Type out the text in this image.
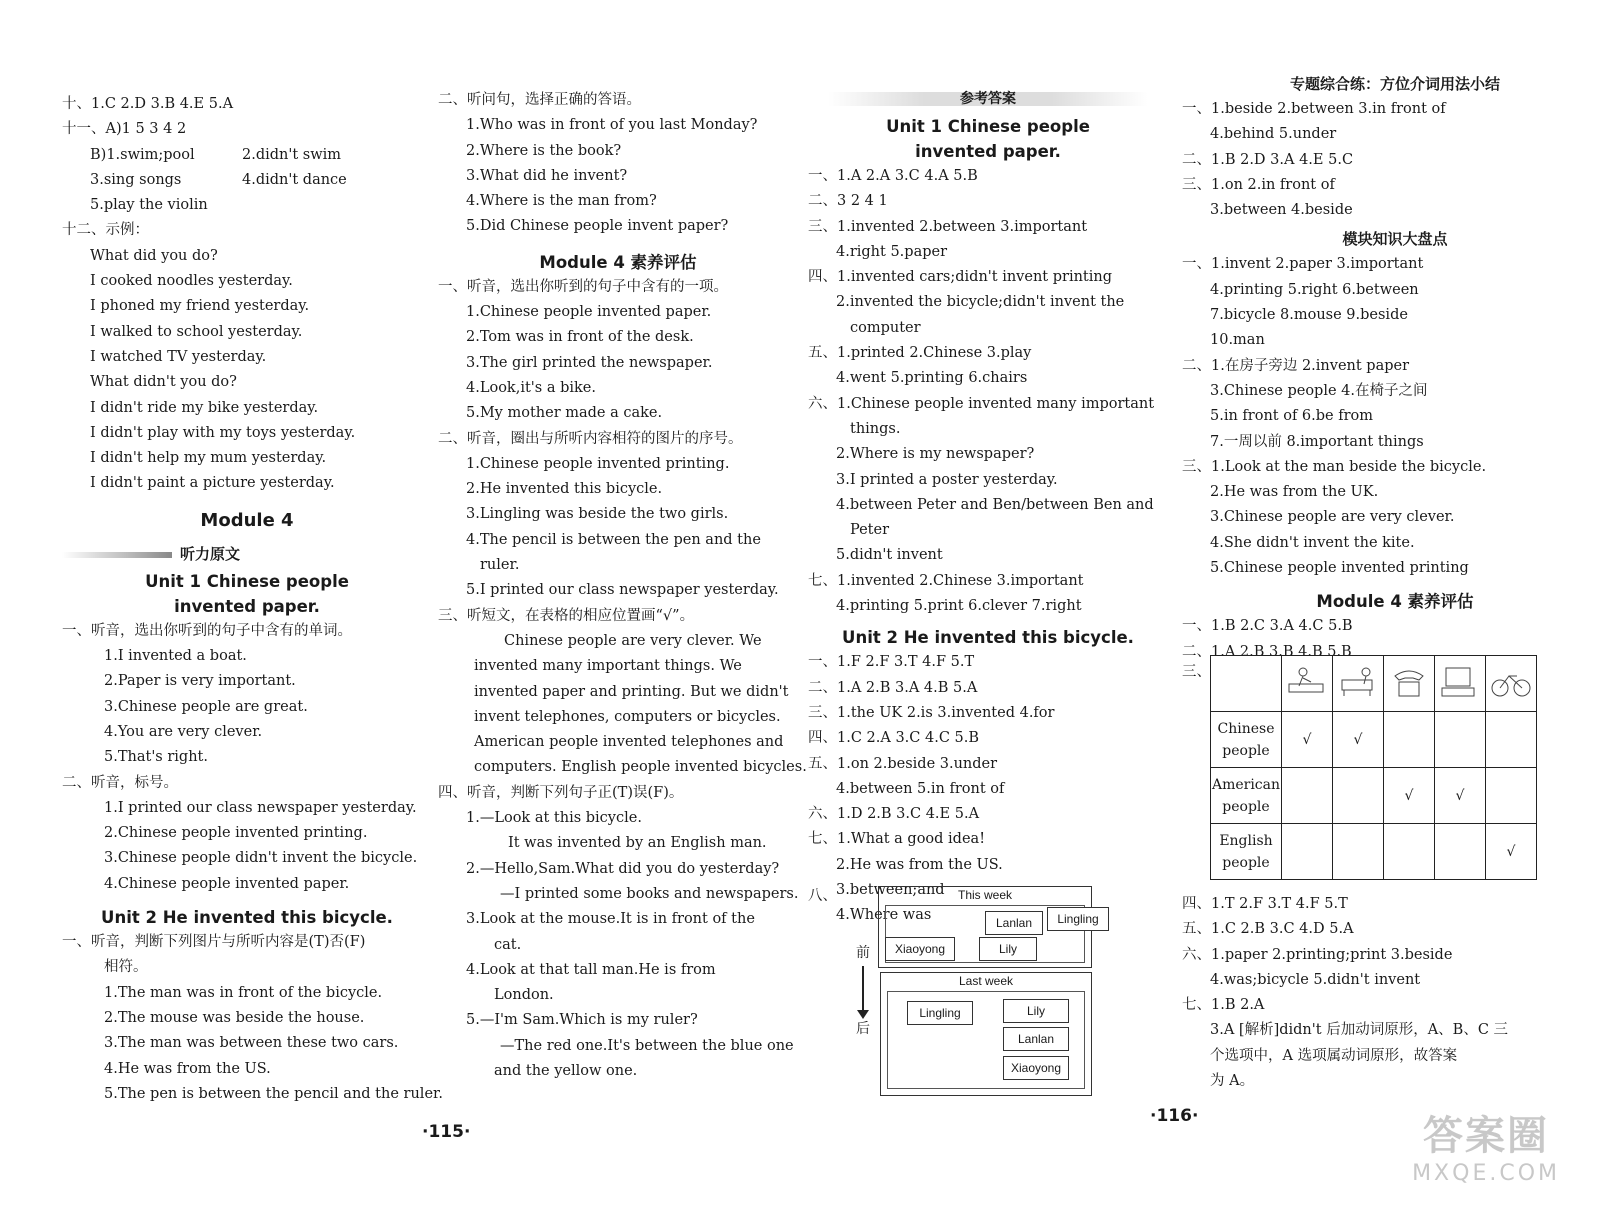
十、1.C 2.D 3.B 4.E 5.A
十一、A)1 5 3 4 2
B)1.swim;pool	2.didn't swim
3.sing songs	4.didn't dance
5.play the violin
十二、示例：
What did you do?
I cooked noodles yesterday.
I phoned my friend yesterday.
I walked to school yesterday.
I watched TV yesterday.
What didn't you do?
I didn't ride my bike yesterday.
I didn't play with my toys yesterday.
I didn't help my mum yesterday.
I didn't paint a picture yesterday.
Module 4
听力原文
Unit 1 Chinese people
invented paper.
一、听音，选出你听到的句子中含有的单词。
1.I invented a boat.
2.Paper is very important.
3.Chinese people are great.
4.You are very clever.
5.That's right.
二、听音，标号。
1.I printed our class newspaper yesterday.
2.Chinese people invented printing.
3.Chinese people didn't invent the bicycle.
4.Chinese people invented paper.
Unit 2 He invented this bicycle.
一、听音，判断下列图片与所听内容是(T)否(F)
相符。
1.The man was in front of the bicycle.
2.The mouse was beside the house.
3.The man was between these two cars.
4.He was from the US.
5.The pen is between the pencil and the ruler.
二、听问句，选择正确的答语。
1.Who was in front of you last Monday?
2.Where is the book?
3.What did he invent?
4.Where is the man from?
5.Did Chinese people invent paper?
Module 4 素养评估
一、听音，选出你听到的句子中含有的一项。
1.Chinese people invented paper.
2.Tom was in front of the desk.
3.The girl printed the newspaper.
4.Look,it's a bike.
5.My mother made a cake.
二、听音，圈出与所听内容相符的图片的序号。
1.Chinese people invented printing.
2.He invented this bicycle.
3.Lingling was beside the two girls.
4.The pencil is between the pen and the
ruler.
5.I printed our class newspaper yesterday.
三、听短文，在表格的相应位置画“√”。
Chinese people are very clever. We
invented many important things. We
invented paper and printing. But we didn't
invent telephones, computers or bicycles.
American people invented telephones and
computers. English people invented bicycles.
四、听音，判断下列句子正(T)误(F)。
1.—Look at this bicycle.
It was invented by an English man.
2.—Hello,Sam.What did you do yesterday?
—I printed some books and newspapers.
3.Look at the mouse.It is in front of the
cat.
4.Look at that tall man.He is from
London.
5.—I'm Sam.Which is my ruler?
—The red one.It's between the blue one
and the yellow one.
·115·
参考答案
Unit 1 Chinese people
invented paper.
一、1.A 2.A 3.C 4.A 5.B
二、3 2 4 1
三、1.invented 2.between 3.important
4.right 5.paper
四、1.invented cars;didn't invent printing
2.invented the bicycle;didn't invent the
computer
五、1.printed 2.Chinese 3.play
4.went 5.printing 6.chairs
六、1.Chinese people invented many important
things.
2.Where is my newspaper?
3.I printed a poster yesterday.
4.between Peter and Ben/between Ben and
Peter
5.didn't invent
七、1.invented 2.Chinese 3.important
4.printing 5.print 6.clever 7.right
Unit 2 He invented this bicycle.
一、1.F 2.F 3.T 4.F 5.T
二、1.A 2.B 3.A 4.B 5.A
三、1.the UK 2.is 3.invented 4.for
四、1.C 2.A 3.C 4.C 5.B
五、1.on 2.beside 3.under
4.between 5.in front of
六、1.D 2.B 3.C 4.E 5.A
七、1.What a good idea!
2.He was from the US.
3.between;and
4.Where was
八、
前
后
This week
Lanlan	Lingling
Xiaoyong	Lily
Last week
Lingling	Lily
Lanlan
Xiaoyong
专题综合练：方位介词用法小结
一、1.beside 2.between 3.in front of
4.behind 5.under
二、1.B 2.D 3.A 4.E 5.C
三、1.on 2.in front of
3.between 4.beside
模块知识大盘点
一、1.invent 2.paper 3.important
4.printing 5.right 6.between
7.bicycle 8.mouse 9.beside
10.man
二、1.在房子旁边 2.invent paper
3.Chinese people 4.在椅子之间
5.in front of 6.be from
7.一周以前 8.important things
三、1.Look at the man beside the bicycle.
2.He was from the UK.
3.Chinese people are very clever.
4.She didn't invent the kite.
5.Chinese people invented printing
Module 4 素养评估
一、1.B 2.C 3.A 4.C 5.B
二、1.A 2.B 3.B 4.B 5.B
三、

Chinese
people	√	√			
American
people			√	√	
English
people					√
四、1.T 2.F 3.T 4.F 5.T
五、1.C 2.B 3.C 4.D 5.A
六、1.paper 2.printing;print 3.beside
4.was;bicycle 5.didn't invent
七、1.B 2.A
3.A [解析]didn't 后加动词原形，A、B、C 三
个选项中，A 选项属动词原形，故答案
为 A。
·116·	答案圈
MXQE.COM
